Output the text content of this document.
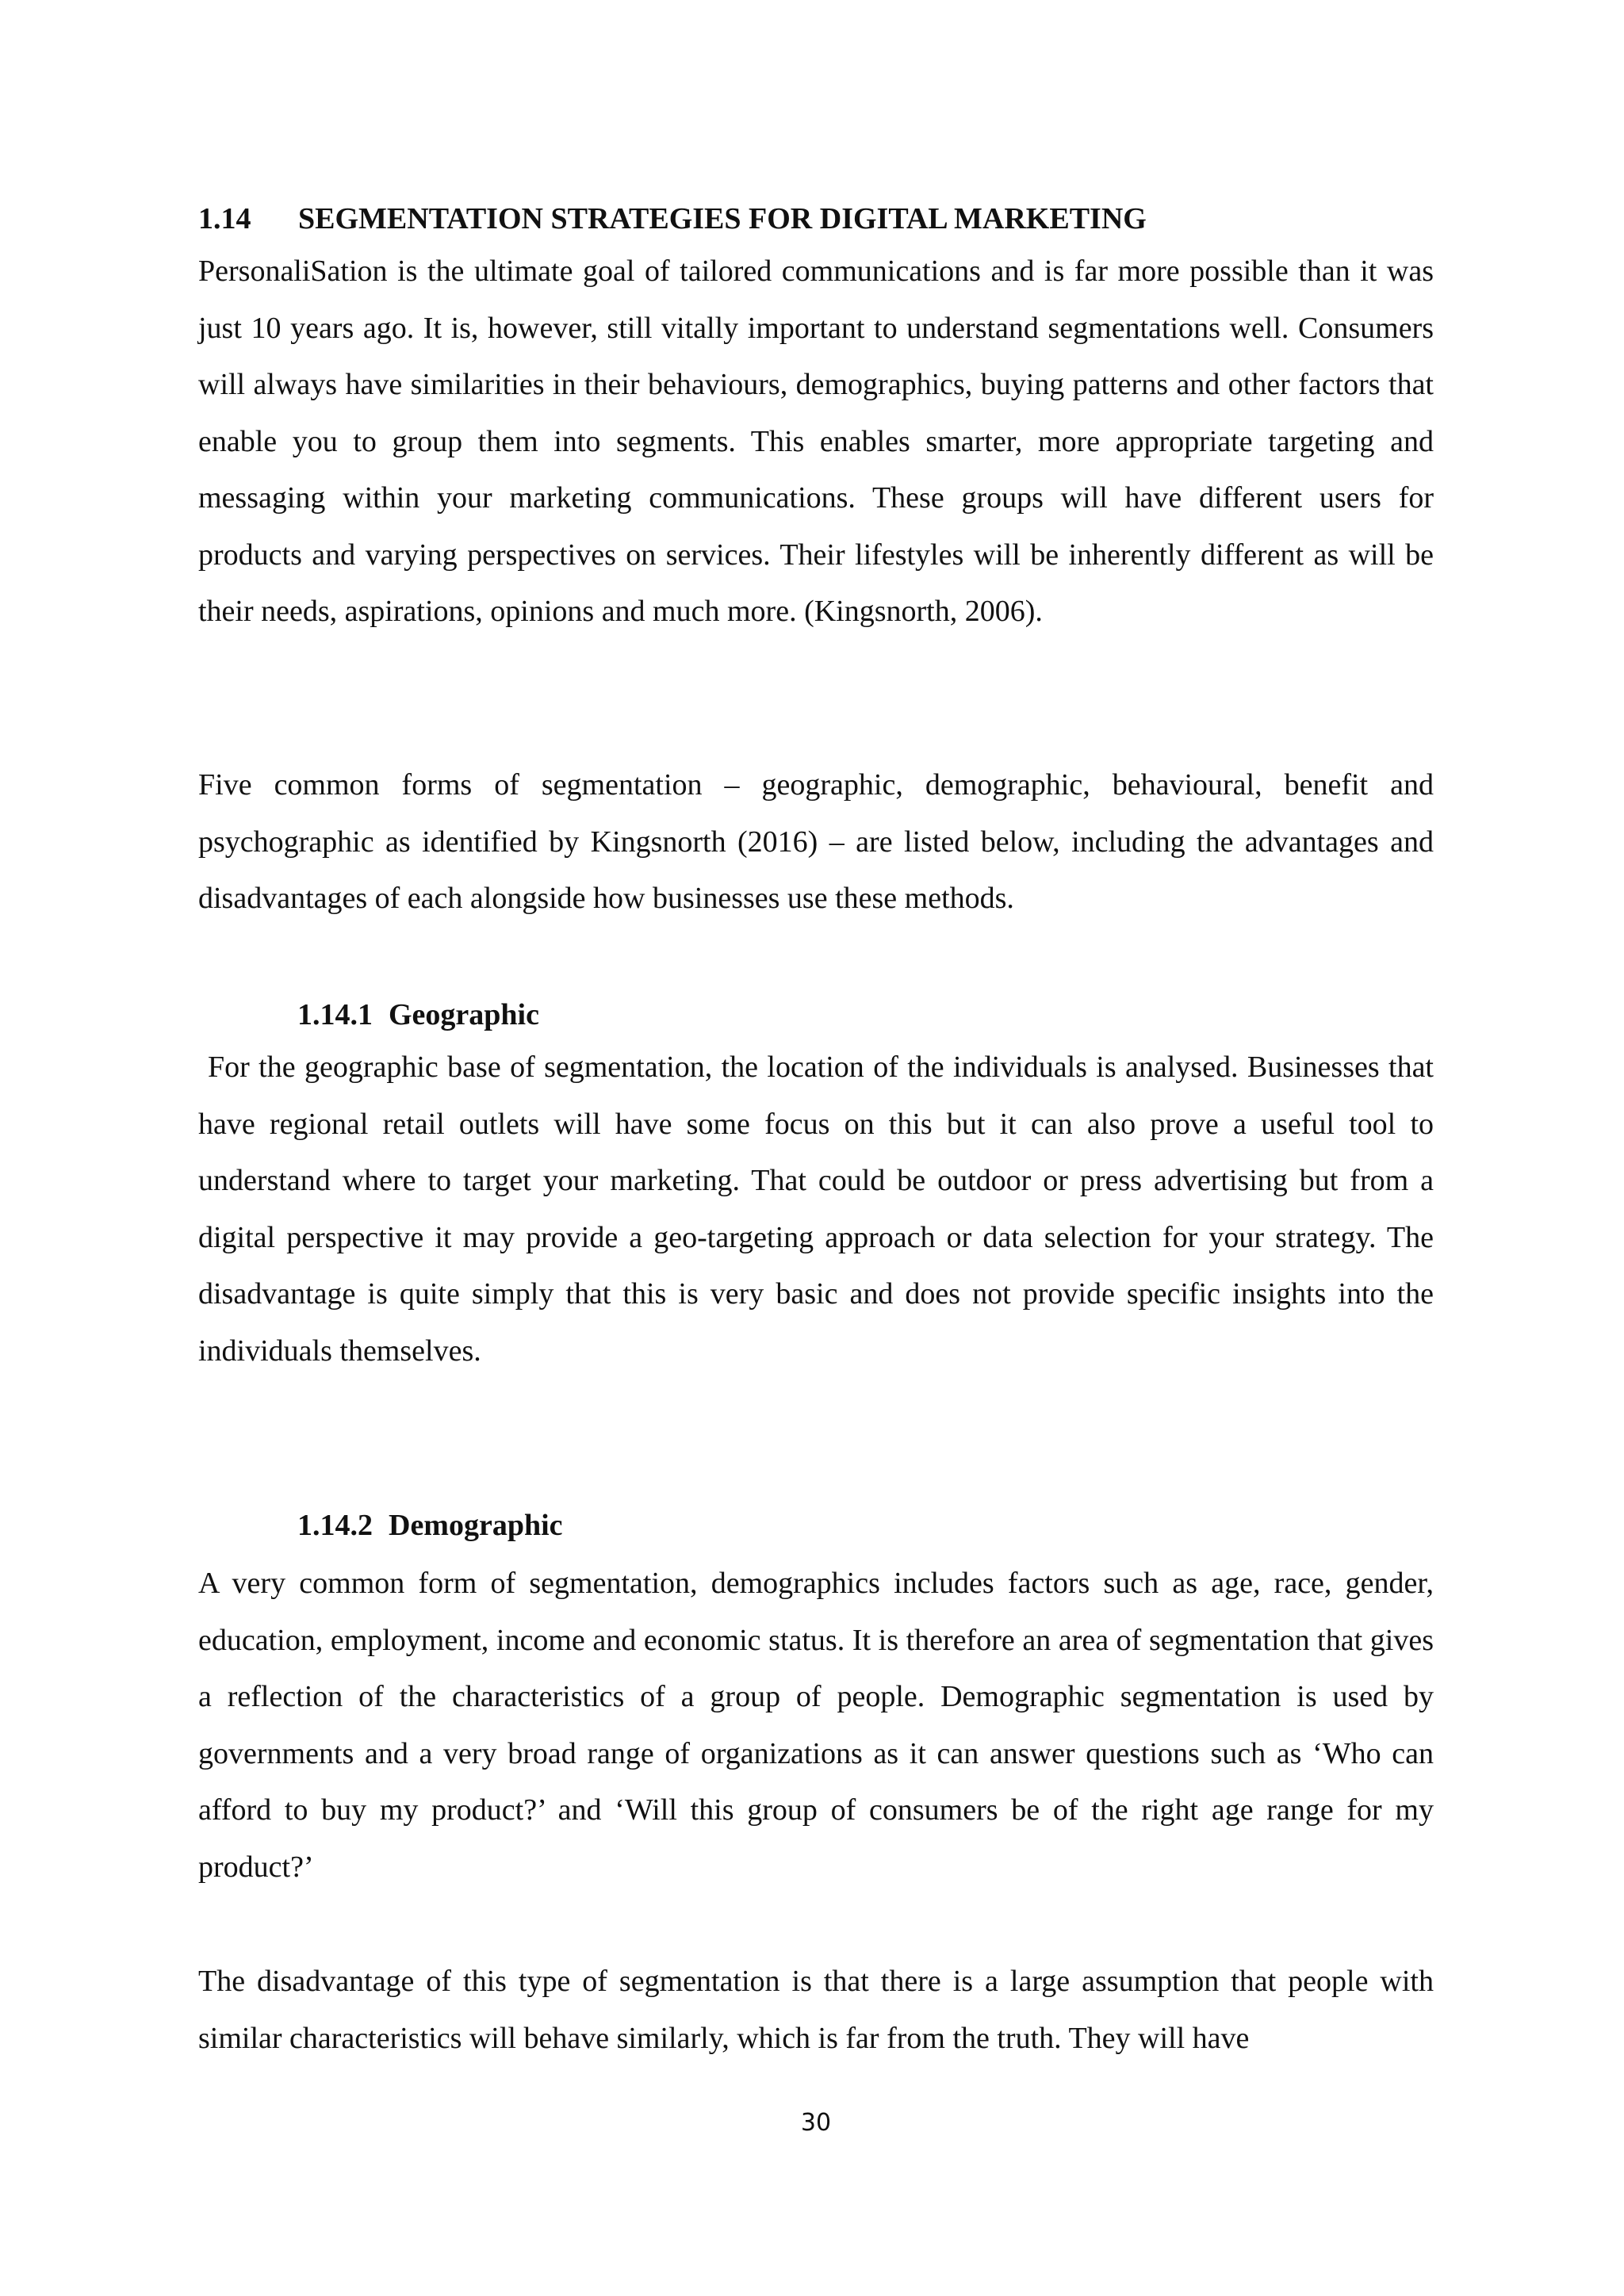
1.14 SEGMENTATION STRATEGIES FOR DIGITAL MARKETING

PersonaliSation is the ultimate goal of tailored communications and is far more possible than it was just 10 years ago. It is, however, still vitally important to understand segmentations well. Consumers will always have similarities in their behaviours, demographics, buying patterns and other factors that enable you to group them into segments. This enables smarter, more appropriate targeting and messaging within your marketing communications. These groups will have different users for products and varying perspectives on services. Their lifestyles will be inherently different as will be their needs, aspirations, opinions and much more. (Kingsnorth, 2006).

Five common forms of segmentation – geographic, demographic, behavioural, benefit and psychographic as identified by Kingsnorth (2016) – are listed below, including the advantages and disadvantages of each alongside how businesses use these methods.

1.14.1 Geographic

For the geographic base of segmentation, the location of the individuals is analysed. Businesses that have regional retail outlets will have some focus on this but it can also prove a useful tool to understand where to target your marketing. That could be outdoor or press advertising but from a digital perspective it may provide a geo-targeting approach or data selection for your strategy. The disadvantage is quite simply that this is very basic and does not provide specific insights into the individuals themselves.

1.14.2 Demographic

A very common form of segmentation, demographics includes factors such as age, race, gender, education, employment, income and economic status. It is therefore an area of segmentation that gives a reflection of the characteristics of a group of people. Demographic segmentation is used by governments and a very broad range of organizations as it can answer questions such as ‘Who can afford to buy my product?’ and ‘Will this group of consumers be of the right age range for my product?’

The disadvantage of this type of segmentation is that there is a large assumption that people with similar characteristics will behave similarly, which is far from the truth. They will have

30
